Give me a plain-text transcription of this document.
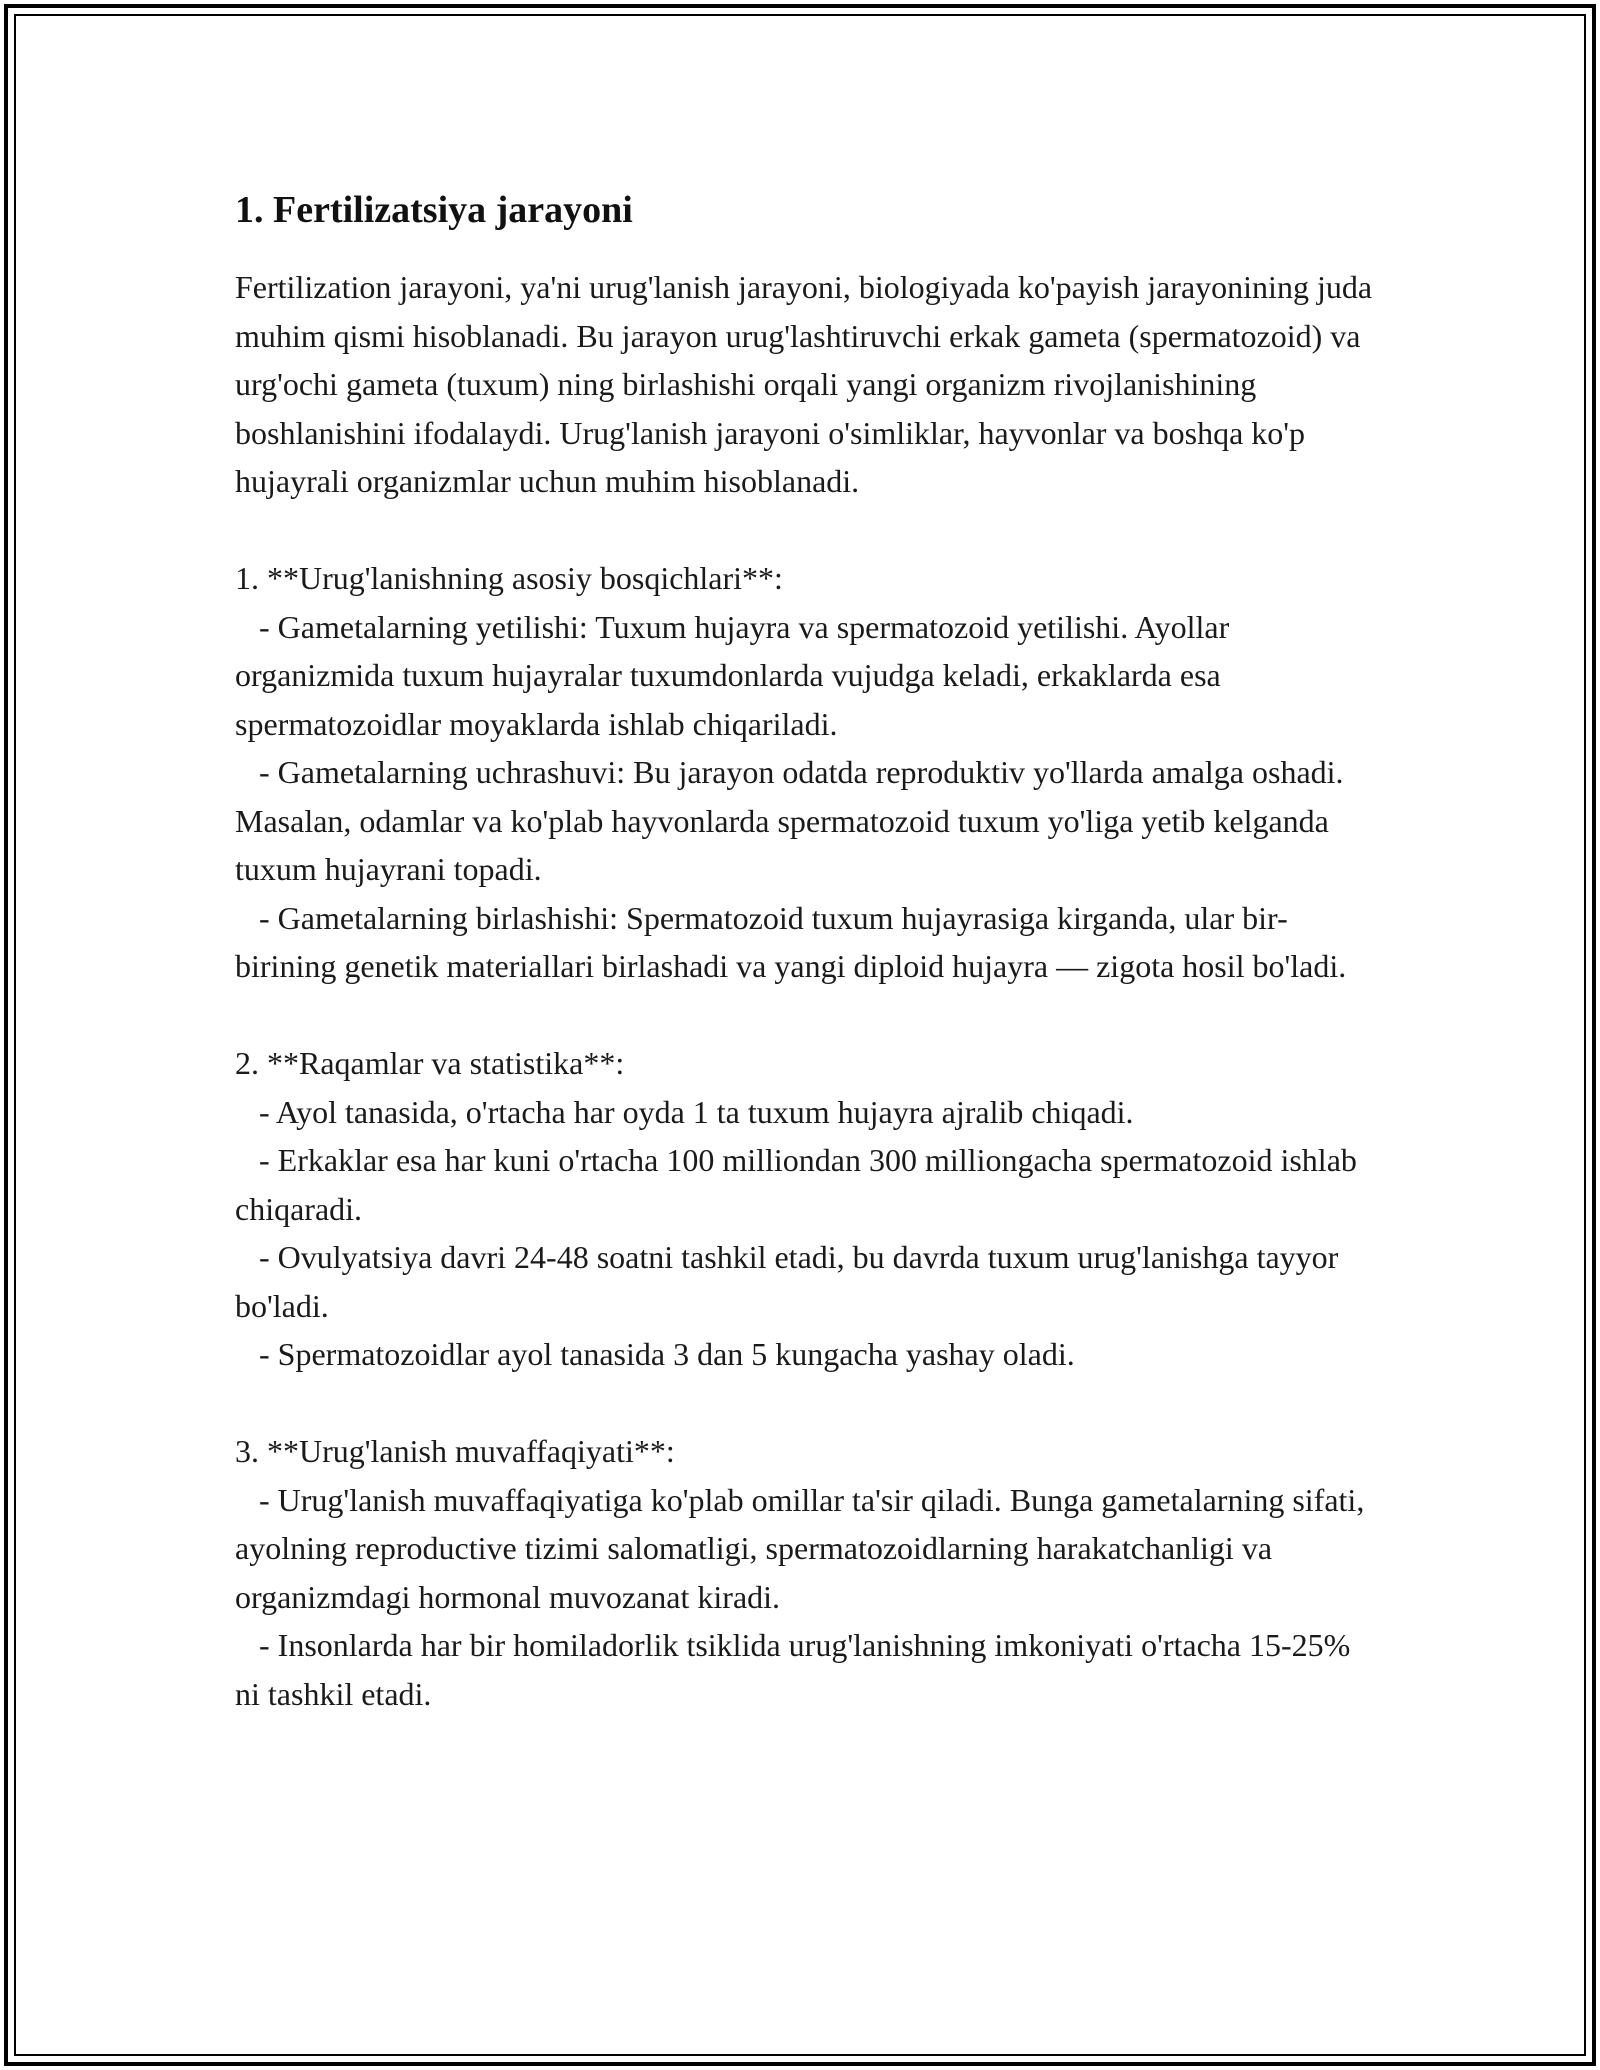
1. Fertilizatsiya jarayoni

Fertilization jarayoni, ya'ni urug'lanish jarayoni, biologiyada ko'payish jarayonining juda muhim qismi hisoblanadi. Bu jarayon urug'lashtiruvchi erkak gameta (spermatozoid) va urg'ochi gameta (tuxum) ning birlashishi orqali yangi organizm rivojlanishining boshlanishini ifodalaydi. Urug'lanish jarayoni o'simliklar, hayvonlar va boshqa ko'p hujayrali organizmlar uchun muhim hisoblanadi.

1. **Urug'lanishning asosiy bosqichlari**:
- Gametalarning yetilishi: Tuxum hujayra va spermatozoid yetilishi. Ayollar organizmida tuxum hujayralar tuxumdonlarda vujudga keladi, erkaklarda esa spermatozoidlar moyaklarda ishlab chiqariladi.
- Gametalarning uchrashuvi: Bu jarayon odatda reproduktiv yo'llarda amalga oshadi. Masalan, odamlar va ko'plab hayvonlarda spermatozoid tuxum yo'liga yetib kelganda tuxum hujayrani topadi.
- Gametalarning birlashishi: Spermatozoid tuxum hujayrasiga kirganda, ular bir-birining genetik materiallari birlashadi va yangi diploid hujayra — zigota hosil bo'ladi.

2. **Raqamlar va statistika**:
- Ayol tanasida, o'rtacha har oyda 1 ta tuxum hujayra ajralib chiqadi.
- Erkaklar esa har kuni o'rtacha 100 milliondan 300 milliongacha spermatozoid ishlab chiqaradi.
- Ovulyatsiya davri 24-48 soatni tashkil etadi, bu davrda tuxum urug'lanishga tayyor bo'ladi.
- Spermatozoidlar ayol tanasida 3 dan 5 kungacha yashay oladi.

3. **Urug'lanish muvaffaqiyati**:
- Urug'lanish muvaffaqiyatiga ko'plab omillar ta'sir qiladi. Bunga gametalarning sifati, ayolning reproductive tizimi salomatligi, spermatozoidlarning harakatchanligi va organizmdagi hormonal muvozanat kiradi.
- Insonlarda har bir homiladorlik tsiklida urug'lanishning imkoniyati o'rtacha 15-25% ni tashkil etadi.
